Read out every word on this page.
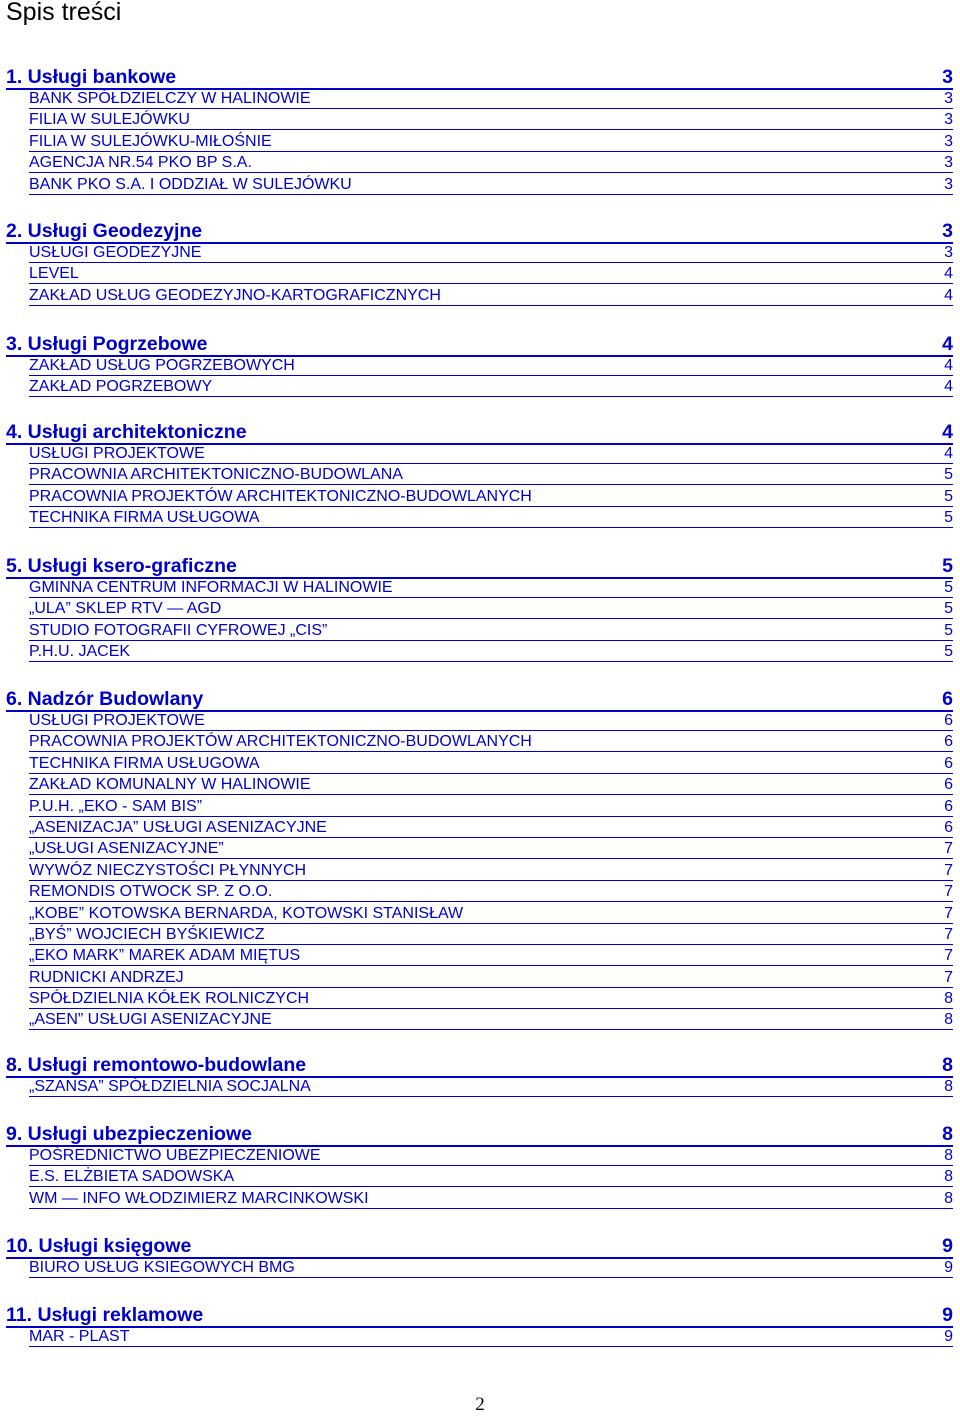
Spis treści
1. Usługi bankowe	3
BANK SPÓŁDZIELCZY W HALINOWIE	3
FILIA W SULEJÓWKU	3
FILIA W SULEJÓWKU-MIŁOŚNIE	3
AGENCJA NR.54 PKO BP S.A.	3
BANK PKO S.A. I ODDZIAŁ W SULEJÓWKU	3
2. Usługi Geodezyjne	3
USŁUGI GEODEZYJNE	3
LEVEL	4
ZAKŁAD USŁUG GEODEZYJNO-KARTOGRAFICZNYCH	4
3. Usługi Pogrzebowe	4
ZAKŁAD USŁUG POGRZEBOWYCH	4
ZAKŁAD POGRZEBOWY	4
4. Usługi architektoniczne	4
USŁUGI PROJEKTOWE	4
PRACOWNIA ARCHITEKTONICZNO-BUDOWLANA	5
PRACOWNIA PROJEKTÓW ARCHITEKTONICZNO-BUDOWLANYCH	5
TECHNIKA FIRMA USŁUGOWA	5
5. Usługi ksero-graficzne	5
GMINNA CENTRUM INFORMACJI W HALINOWIE	5
„ULA” SKLEP RTV — AGD	5
STUDIO FOTOGRAFII CYFROWEJ „CIS”	5
P.H.U. JACEK	5
6. Nadzór Budowlany	6
USŁUGI PROJEKTOWE	6
PRACOWNIA PROJEKTÓW ARCHITEKTONICZNO-BUDOWLANYCH	6
TECHNIKA FIRMA USŁUGOWA	6
ZAKŁAD KOMUNALNY W HALINOWIE	6
P.U.H. „EKO - SAM BIS”	6
„ASENIZACJA” USŁUGI ASENIZACYJNE	6
„USŁUGI ASENIZACYJNE”	7
WYWÓZ NIECZYSTOŚCI PŁYNNYCH	7
REMONDIS OTWOCK SP. Z O.O.	7
„KOBE” KOTOWSKA BERNARDA, KOTOWSKI STANISŁAW	7
„BYŚ” WOJCIECH BYŚKIEWICZ	7
„EKO MARK” MAREK ADAM MIĘTUS	7
RUDNICKI ANDRZEJ	7
SPÓŁDZIELNIA KÓŁEK ROLNICZYCH	8
„ASEN” USŁUGI ASENIZACYJNE	8
8. Usługi remontowo-budowlane	8
„SZANSA” SPÓŁDZIELNIA SOCJALNA	8
9. Usługi ubezpieczeniowe	8
POŚREDNICTWO UBEZPIECZENIOWE	8
E.S. ELŻBIETA SADOWSKA	8
WM — INFO WŁODZIMIERZ MARCINKOWSKI	8
10. Usługi księgowe	9
BIURO USŁUG KSIEGOWYCH BMG	9
11. Usługi reklamowe	9
MAR - PLAST	9
2
